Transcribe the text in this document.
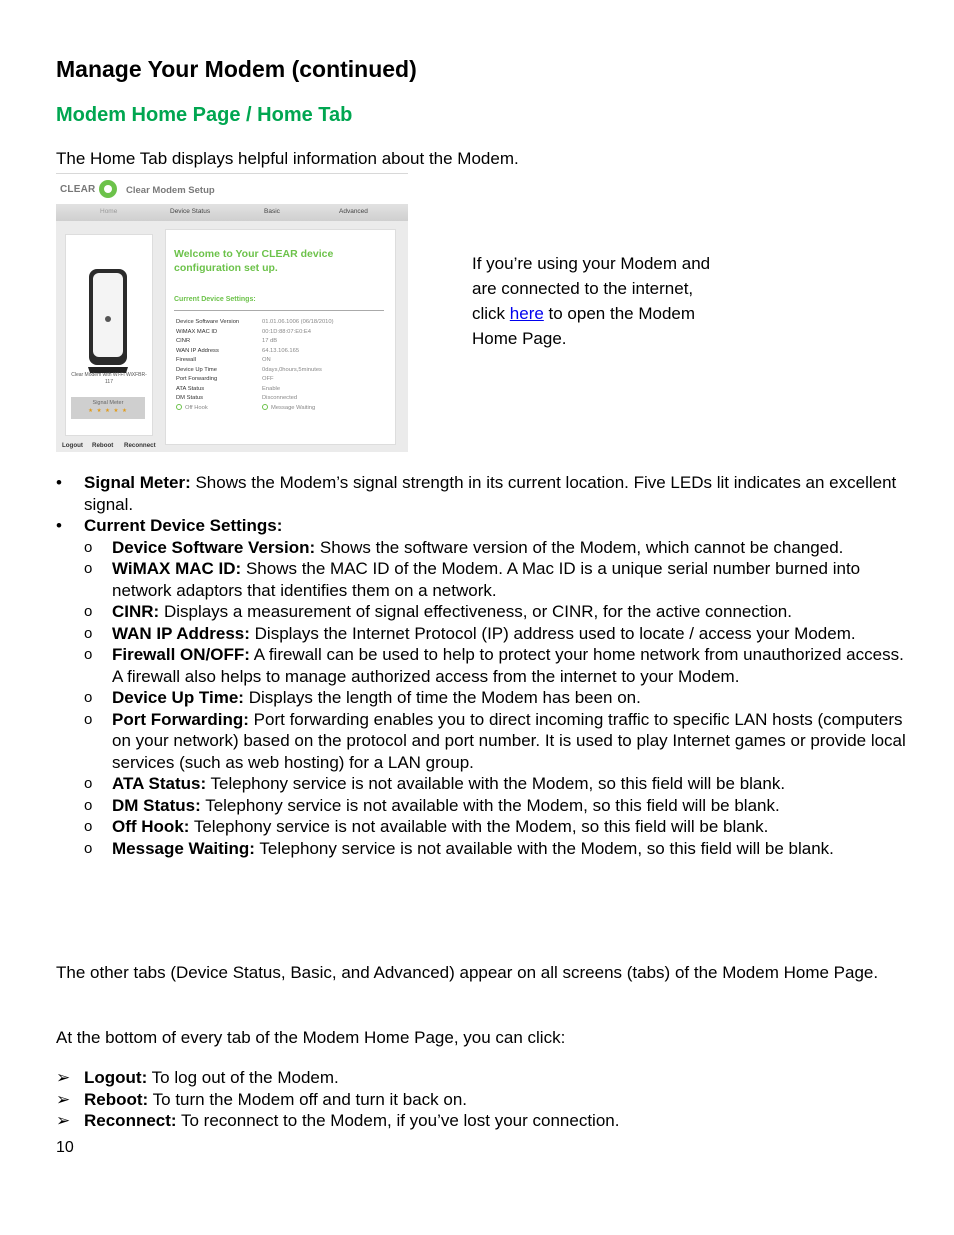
Manage Your Modem (continued)
Modem Home Page / Home Tab
The Home Tab displays helpful information about the Modem.
CLEAR	Clear Modem Setup
Home	Device Status	Basic	Advanced
Clear Modem with Wi-Fi WiXFBR-117
Signal Meter
★ ★ ★ ★ ★
Welcome to Your CLEAR device configuration set up.
Current Device Settings:
Device Software Version	01.01.06.1006 (06/18/2010)
WiMAX MAC ID	00:1D:88:07:E0:E4
CINR	17 dB
WAN IP Address	64.13.106.165
Firewall	ON
Device Up Time	0days,0hours,5minutes
Port Forwarding	OFF
ATA Status	Enable
DM Status	Disconnected
Off Hook	Message Waiting
Logout Reboot Reconnect
If you’re using your Modem and are connected to the internet, click here to open the Modem Home Page.
• Signal Meter: Shows the Modem’s signal strength in its current location. Five LEDs lit indicates an excellent signal.
• Current Device Settings:
o Device Software Version: Shows the software version of the Modem, which cannot be changed.
o WiMAX MAC ID: Shows the MAC ID of the Modem. A Mac ID is a unique serial number burned into network adaptors that identifies them on a network.
o CINR: Displays a measurement of signal effectiveness, or CINR, for the active connection.
o WAN IP Address: Displays the Internet Protocol (IP) address used to locate / access your Modem.
o Firewall ON/OFF: A firewall can be used to help to protect your home network from unauthorized access. A firewall also helps to manage authorized access from the internet to your Modem.
o Device Up Time: Displays the length of time the Modem has been on.
o Port Forwarding: Port forwarding enables you to direct incoming traffic to specific LAN hosts (computers on your network) based on the protocol and port number. It is used to play Internet games or provide local services (such as web hosting) for a LAN group.
o ATA Status: Telephony service is not available with the Modem, so this field will be blank.
o DM Status: Telephony service is not available with the Modem, so this field will be blank.
o Off Hook: Telephony service is not available with the Modem, so this field will be blank.
o Message Waiting: Telephony service is not available with the Modem, so this field will be blank.
The other tabs (Device Status, Basic, and Advanced) appear on all screens (tabs) of the Modem Home Page.
At the bottom of every tab of the Modem Home Page, you can click:
➢ Logout: To log out of the Modem.
➢ Reboot: To turn the Modem off and turn it back on.
➢ Reconnect: To reconnect to the Modem, if you’ve lost your connection.
10
